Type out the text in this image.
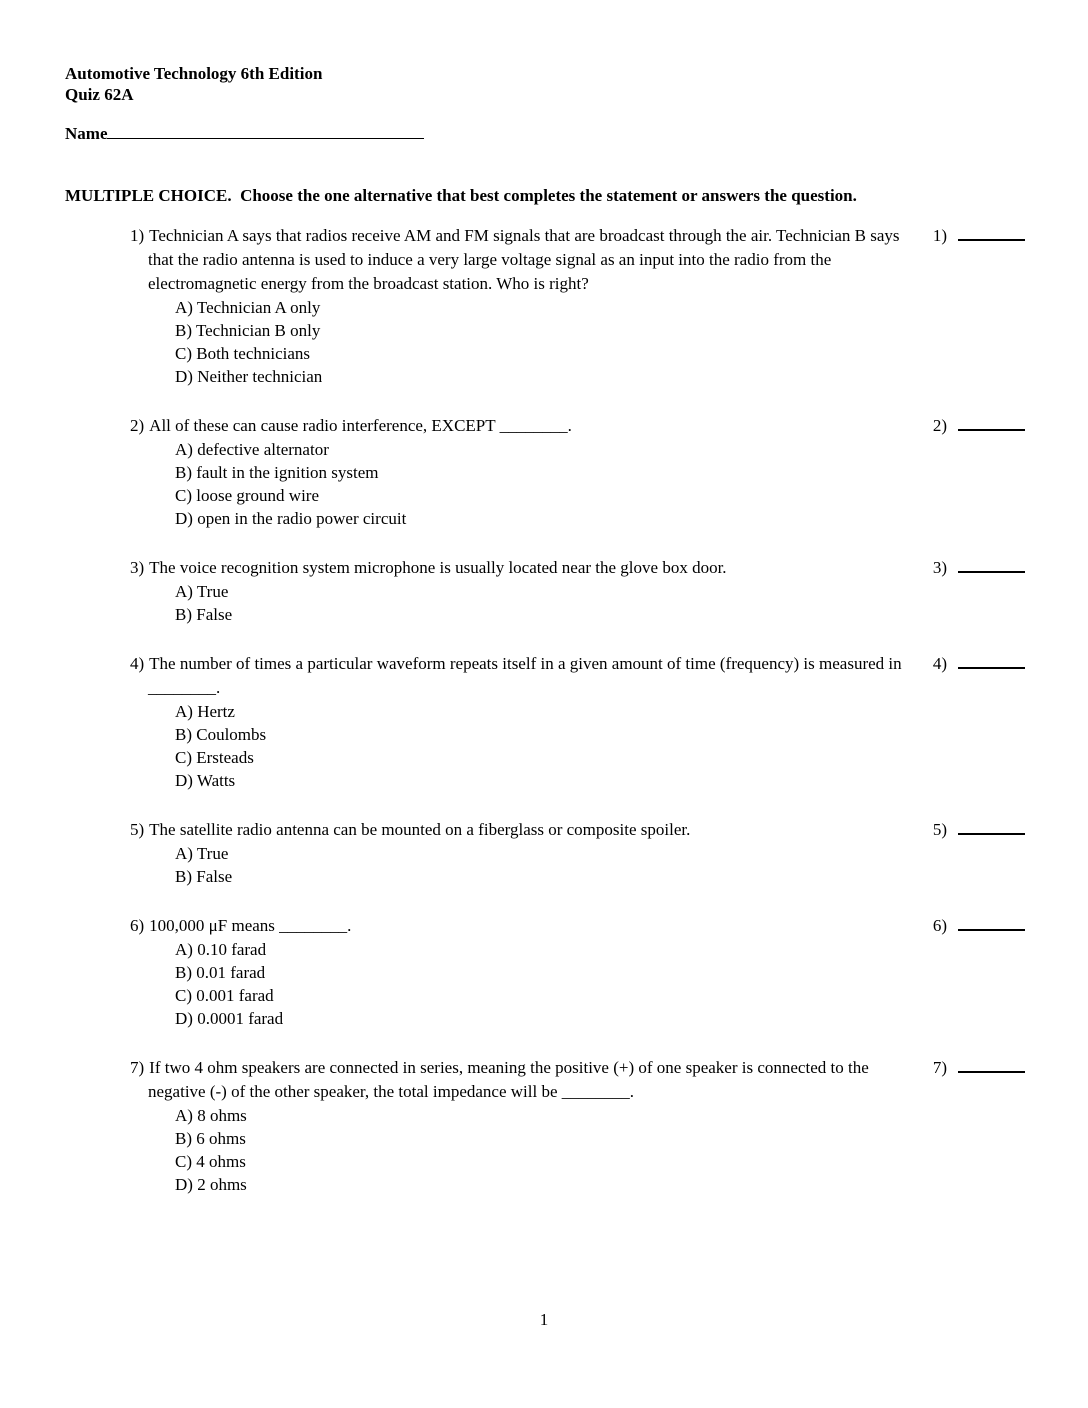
Automotive Technology 6th Edition
Quiz 62A
Name
MULTIPLE CHOICE.  Choose the one alternative that best completes the statement or answers the question.
1) Technician A says that radios receive AM and FM signals that are broadcast through the air. Technician B says that the radio antenna is used to induce a very large voltage signal as an input into the radio from the electromagnetic energy from the broadcast station. Who is right?
A) Technician A only
B) Technician B only
C) Both technicians
D) Neither technician
1)
2) All of these can cause radio interference, EXCEPT ________.
A) defective alternator
B) fault in the ignition system
C) loose ground wire
D) open in the radio power circuit
2)
3) The voice recognition system microphone is usually located near the glove box door.
A) True
B) False
3)
4) The number of times a particular waveform repeats itself in a given amount of time (frequency) is measured in ________.
A) Hertz
B) Coulombs
C) Ersteads
D) Watts
4)
5) The satellite radio antenna can be mounted on a fiberglass or composite spoiler.
A) True
B) False
5)
6) 100,000 μF means ________.
A) 0.10 farad
B) 0.01 farad
C) 0.001 farad
D) 0.0001 farad
6)
7) If two 4 ohm speakers are connected in series, meaning the positive (+) of one speaker is connected to the negative (-) of the other speaker, the total impedance will be ________.
A) 8 ohms
B) 6 ohms
C) 4 ohms
D) 2 ohms
7)
1
